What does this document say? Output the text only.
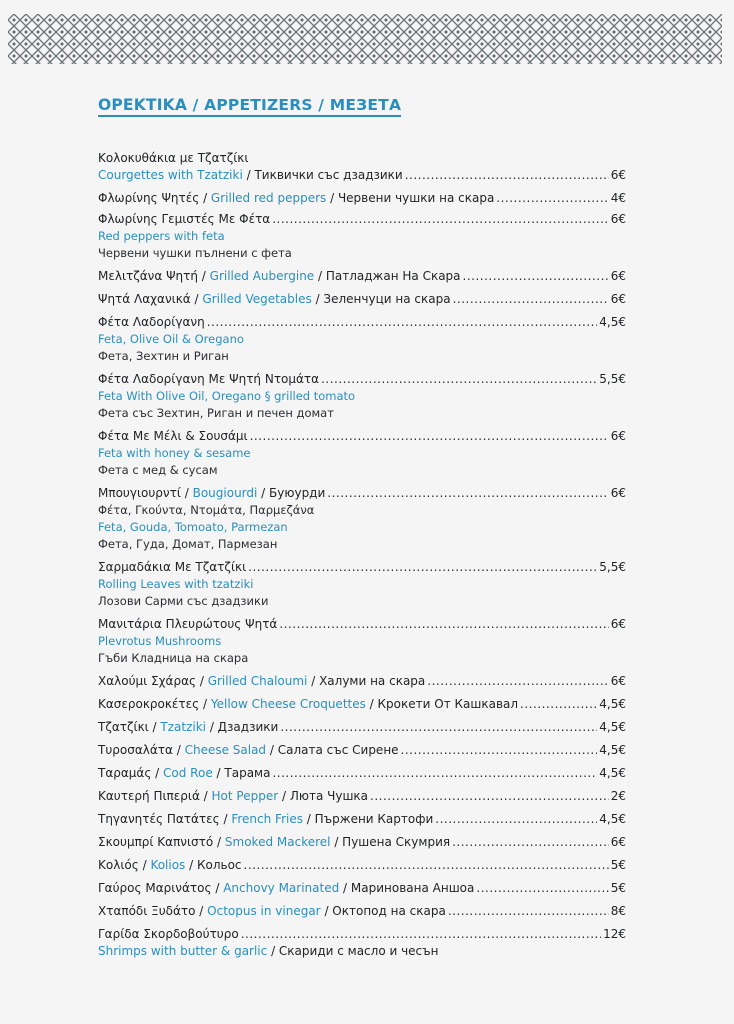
ΟΡΕΚΤΙΚΑ / APPETIZERS / МЕЗЕТА
Κολοκυθάκια με Τζατζίκι
Courgettes with Tzatziki / Тиквички със дзадзики .....	6€
Φλωρίνης Ψητές / Grilled red peppers / Червени чушки на скара .....	4€
Φλωρίνης Γεμιστές Με Φέτα .....	6€
Red peppers with feta
Червени чушки пълнени с фета
Μελιτζάνα Ψητή / Grilled Aubergine / Патладжан На Скара .....	6€
Ψητά Λαχανικά / Grilled Vegetables / Зеленчуци на скара .....	6€
Φέτα Λαδορίγανη .....	4,5€
Feta, Olive Oil & Oregano
Фета, Зехтин и Риган
Φέτα Λαδορίγανη Με Ψητή Ντομάτα .....	5,5€
Feta With Olive Oil, Oregano § grilled tomato
Фета със Зехтин, Риган и печен домат
Φέτα Με Μέλι & Σουσάμι .....	6€
Feta with honey & sesame
Фета с мед & сусам
Μπουγιουρντί / Bougiourdi / Бyюурди .....	6€
Φέτα, Γκούντα, Ντομάτα, Παρμεζάνα
Feta, Gouda, Tomoato, Parmezan
Фета, Гуда, Домат, Пармезан
Σαρμαδάκια Με Τζατζίκι .....	5,5€
Rolling Leaves with tzatziki
Лозови Сарми със дзадзики
Μανιτάρια Πλευρώτους Ψητά .....	6€
Plevrotus Mushrooms
Гъби Кладница на скара
Χαλούμι Σχάρας / Grilled Chaloumi / Халуми на скара .....	6€
Κασεροκροκέτες / Yellow Cheese Croquettes / Крокети От Кашкавал .....	4,5€
Τζατζίκι / Tzatziki / Дзадзики .....	4,5€
Τυροσαλάτα / Cheese Salad / Салата със Сирене .....	4,5€
Ταραμάς / Cod Roe / Тарама .....	4,5€
Καυτερή Πιπεριά / Hot Pepper / Люта Чушка .....	2€
Τηγανητές Πατάτες / French Fries / Пържени Картофи .....	4,5€
Σκουμπρί Καπνιστό / Smoked Mackerel / Пушена Скумрия .....	6€
Κολιός / Kolios / Кольос .....	5€
Γαύρος Μαρινάτος / Anchovy Marinated / Маринована Аншоа .....	5€
Χταπόδι Ξυδάτο / Octopus in vinegar / Октопод на скара .....	8€
Γαρίδα Σκορδοβούτυρο .....	12€
Shrimps with butter & garlic / Скариди с масло и чесън
